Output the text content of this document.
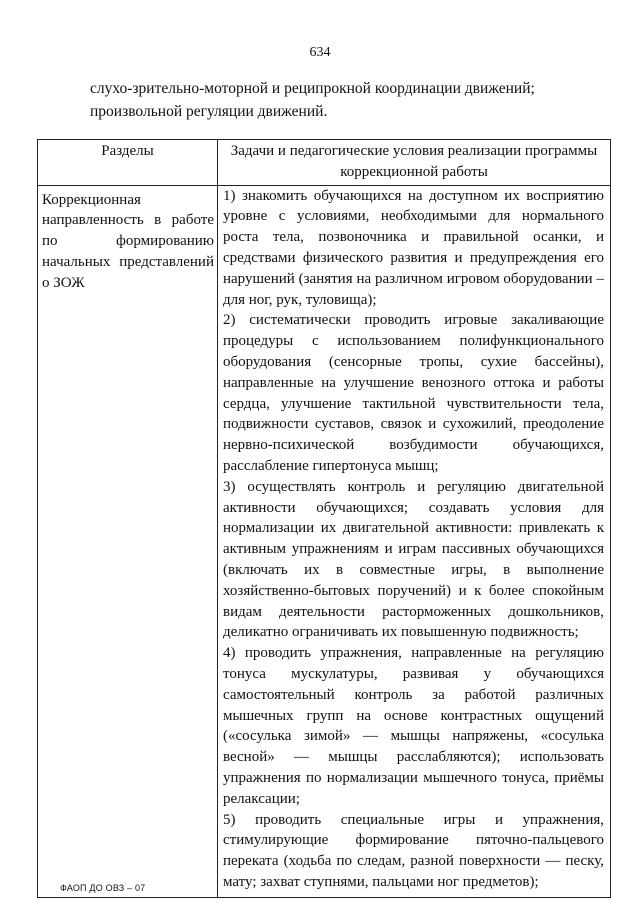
634
слухо-зрительно-моторной и реципрокной координации движений;
произвольной регуляции движений.
Разделы	Задачи и педагогические условия реализации программы коррекционной работы
Коррекционная направленность в работе по формированию начальных представлений о ЗОЖ	1) знакомить обучающихся на доступном их восприятию уровне с условиями, необходимыми для нормального роста тела, позвоночника и правильной осанки, и средствами физического развития и предупреждения его нарушений (занятия на различном игровом оборудовании – для ног, рук, туловища);

2) систематически проводить игровые закаливающие процедуры с использованием полифункционального оборудования (сенсорные тропы, сухие бассейны), направленные на улучшение венозного оттока и работы сердца, улучшение тактильной чувствительности тела, подвижности суставов, связок и сухожилий, преодоление нервно-психической возбудимости обучающихся, расслабление гипертонуса мышц;

3) осуществлять контроль и регуляцию двигательной активности обучающихся; создавать условия для нормализации их двигательной активности: привлекать к активным упражнениям и играм пассивных обучающихся (включать их в совместные игры, в выполнение хозяйственно-бытовых поручений) и к более спокойным видам деятельности расторможенных дошкольников, деликатно ограничивать их повышенную подвижность;

4) проводить упражнения, направленные на регуляцию тонуса мускулатуры, развивая у обучающихся самостоятельный контроль за работой различных мышечных групп на основе контрастных ощущений («сосулька зимой» — мышцы напряжены, «сосулька весной» — мышцы расслабляются); использовать упражнения по нормализации мышечного тонуса, приёмы релаксации;

5) проводить специальные игры и упражнения, стимулирующие формирование пяточно-пальцевого переката (ходьба по следам, разной поверхности — песку, мату; захват ступнями, пальцами ног предметов);

ФАОП ДО ОВЗ – 07
